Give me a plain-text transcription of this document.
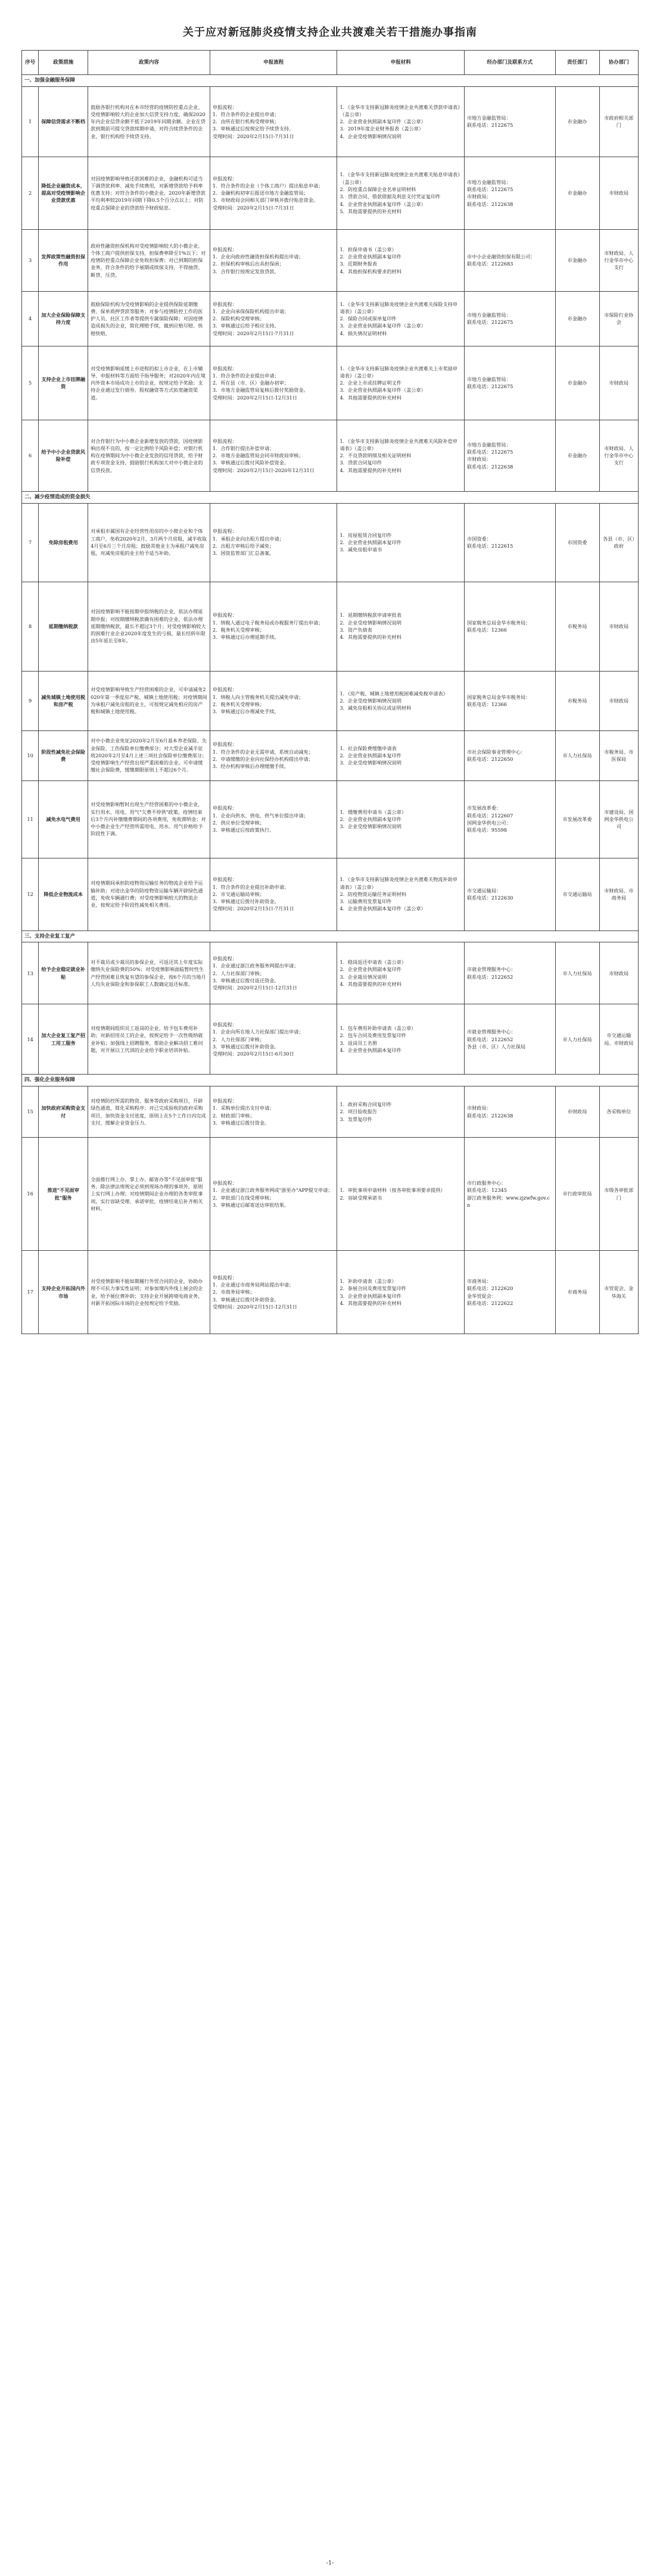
关于应对新冠肺炎疫情支持企业共渡难关若干措施办事指南
序号	政策措施	政策内容	申报流程	申报材料	经办部门及联系方式	责任部门	协办部门
一、加强金融服务保障							
1	保障信贷需求不断档	鼓励各银行机构对在本市经营的疫情防控重点企业、受疫情影响较大的企业加大信贷支持力度，确保2020年内企业信贷余额不低于2019年同期余额。企业在贷款到期前可提交贷款续期申请，对符合续贷条件的企业，银行机构给予续贷支持。	申报流程：
1．符合条件的企业提出申请；
2．由所在银行机构受理审核；
3．审核通过后按规定给予续贷支持。
受理时间：2020年2月15日-7月31日	1．《金华市支持新冠肺炎疫情企业共渡难关贷款申请表》（盖公章）
2．企业营业执照副本复印件（盖公章）
3．2019年度企业财务报表（盖公章）
4．企业受疫情影响情况说明	市地方金融监管局：
联系电话：2122675	市金融办	市政府相关部门
2	降低企业融资成本，提高对受疫情影响企业贷款优惠	对因疫情影响导致还款困难的企业，金融机构可适当下调贷款利率、减免手续费用，对新增贷款给予利率优惠支持；对符合条件的小微企业，2020年新增贷款平均利率较2019年同期下降0.5个百分点以上；对防疫重点保障企业的贷款给予财政贴息。	申报流程：
1．符合条件的企业（个体工商户）提出贴息申请；
2．金融机构初审后报送市地方金融监管局；
3．市财政局会同相关部门审核并拨付贴息资金。
受理时间：2020年2月15日-7月31日	1．《金华市支持新冠肺炎疫情企业共渡难关贴息申请表》（盖公章）
2．防疫重点保障企业名单证明材料
3．贷款合同、借款借据及利息支付凭证复印件
4．企业营业执照副本复印件（盖公章）
5．其他需要提供的补充材料	市地方金融监管局：
联系电话：2122675
市财政局：
联系电话：2122638	市金融办	市财政局
3	发挥政策性融资担保作用	政府性融资担保机构对受疫情影响较大的小微企业、个体工商户提供担保支持，担保费率降至1%以下；对疫情防控重点保障企业免收担保费；对已到期的担保业务，符合条件的给予展期或续保支持，不得抽贷、断贷、压贷。	申报流程：
1．企业向政府性融资担保机构提出申请；
2．担保机构审核后出具担保函；
3．合作银行按规定发放贷款。	1．担保申请书（盖公章）
2．企业营业执照副本复印件
3．近期财务报表
4．其他担保机构要求的材料	市中小企业融资担保有限公司：
联系电话：2122683	市金融办	市财政局、人行金华市中心支行
4	加大企业保险保障支持力度	鼓励保险机构为受疫情影响的企业提供保险延期缴费、保单质押贷款等服务；对参与疫情防控工作的医护人员、社区工作者等提供专属保险保障；对因疫情造成损失的企业，简化理赔手续，做到应赔尽赔、快赔快赔。	申报流程：
1．企业向承保保险机构提出申请；
2．保险机构受理审核；
3．审核通过后给予相应支持。
受理时间：2020年2月15日-7月31日	1．《金华市支持新冠肺炎疫情企业共渡难关保险支持申请表》（盖公章）
2．保险合同或保单复印件
3．企业营业执照副本复印件（盖公章）
4．损失情况证明材料	市地方金融监管局：
联系电话：2122675	市金融办	市保险行业协会
5	支持企业上市挂牌融资	对受疫情影响延缓上市进程的拟上市企业，在上市辅导、申报材料等方面给予指导服务；对2020年内在境内外资本市场成功上市的企业，按规定给予奖励；支持企业通过发行债券、股权融资等方式拓宽融资渠道。	申报流程：
1．符合条件的企业提出申请；
2．所在县（市、区）金融办初审；
3．市地方金融监管局复核后拨付奖励资金。
受理时间：2020年2月15日-12月31日	1．《金华市支持新冠肺炎疫情企业共渡难关上市奖励申请表》（盖公章）
2．企业上市或挂牌证明文件
3．企业营业执照副本复印件（盖公章）
4．其他需要提供的补充材料	市地方金融监管局：
联系电话：2122675	市金融办	市财政局
6	给予中小企业贷款风险补偿	对合作银行为中小微企业新增发放的贷款，因疫情影响出现不良的，按一定比例给予风险补偿；对银行机构在疫情期间为中小微企业发放的信用贷款，给予财政专项资金支持，鼓励银行机构加大对中小微企业的信贷投放。	申报流程：
1．合作银行提出补偿申请；
2．市地方金融监管局会同市财政局审核；
3．审核通过后拨付风险补偿资金。
受理时间：2020年2月15日-2020年12月31日	1．《金华市支持新冠肺炎疫情企业共渡难关风险补偿申请表》（盖公章）
2．不良贷款明细及相关证明材料
3．贷款合同复印件
4．其他需要提供的补充材料	市地方金融监管局：
联系电话：2122675
市财政局：
联系电话：2122638	市金融办	市财政局、人行金华市中心支行
二、减少疫情造成的资金损失							
7	免除房租费用	对承租市属国有企业经营性用房的中小微企业和个体工商户，免收2020年2月、3月两个月房租，减半收取4月至6月三个月房租；鼓励其他业主为承租户减免房租，对减免房租的业主给予适当补助。	申报流程：
1．承租企业向出租方提出申请；
2．出租方审核后给予减免；
3．国资监管部门汇总备案。	1．房屋租赁合同复印件
2．企业营业执照副本复印件
3．减免房租申请书	市国资委：
联系电话：2122615	市国资委	各县（市、区）政府
8	延期缴纳税款	对因疫情影响不能按期申报纳税的企业，依法办理延期申报；对按期缴纳税款确有困难的企业，依法办理延期缴纳税款，最长不超过3个月；对受疫情影响较大的困难行业企业2020年度发生的亏损，最长结转年限由5年延长至8年。	申报流程：
1．纳税人通过电子税务局或办税服务厅提出申请；
2．税务机关受理审核；
3．审核通过后办理延期手续。	1．延期缴纳税款申请审批表
2．企业受疫情影响情况说明
3．资产负债表
4．其他需要提供的补充材料	国家税务总局金华市税务局：
联系电话：12366	市税务局	市财政局
9	减免城镇土地使用税和房产税	对受疫情影响导致生产经营困难的企业，可申请减免2020年第一季度房产税、城镇土地使用税；对疫情期间为承租户减免房租的业主，可按规定减免相应的房产税和城镇土地使用税。	申报流程：
1．纳税人向主管税务机关提出减免申请；
2．税务机关受理审核；
3．审核通过后办理减免手续。	1．《房产税、城镇土地使用税困难减免税申请表》
2．企业受疫情影响情况说明
3．减免房租相关协议或证明材料	国家税务总局金华市税务局：
联系电话：12366	市税务局	市财政局
10	阶段性减免社会保险费	对中小微企业免征2020年2月至6月基本养老保险、失业保险、工伤保险单位缴费部分；对大型企业减半征收2020年2月至4月上述三项社会保险单位缴费部分；受疫情影响生产经营出现严重困难的企业，可申请缓缴社会保险费，缓缴期限原则上不超过6个月。	申报流程：
1．符合条件的企业无需申请，系统自动减免；
2．申请缓缴的企业向社保经办机构提出申请；
3．经办机构审核后办理缓缴手续。	1．社会保险费缓缴申请表
2．企业营业执照副本复印件
3．企业受疫情影响情况说明	市社会保险事业管理中心：
联系电话：2122650	市人力社保局	市税务局、市医保局
11	减免水电气费用	对受疫情影响暂时出现生产经营困难的中小微企业，实行用水、用电、用气"欠费不停供"政策，疫情结束后3个月内补缴缴费期间的各项费用，免收滞纳金；对中小微企业生产经营所需用电、用水、用气价格给予阶段性下调。	申报流程：
1．企业向供水、供电、供气单位提出申请；
2．供应单位受理审核；
3．审核通过后按政策执行。	1．缓缴费用申请书（盖公章）
2．企业营业执照副本复印件
3．企业受疫情影响情况说明	市发展改革委：
联系电话：2122607
国网金华供电公司：
联系电话：95598	市发展改革委	市建设局、国网金华供电公司
12	降低企业物流成本	对疫情期间承担防疫物资运输任务的物流企业给予运输补助；对进出金华的防疫物资运输车辆开辟绿色通道，免收车辆通行费；对受疫情影响较大的物流企业，按规定给予阶段性减免相关费用。	申报流程：
1．符合条件的企业提出补助申请；
2．市交通运输局审核；
3．审核通过后拨付补助资金。
受理时间：2020年2月15日-7月31日	1．《金华市支持新冠肺炎疫情企业共渡难关物流补助申请表》（盖公章）
2．防疫物资运输任务证明材料
3．运输费用发票复印件
4．企业营业执照副本复印件（盖公章）	市交通运输局：
联系电话：2122630	市交通运输局	市财政局、市商务局
三、支持企业复工复产							
13	给予企业稳定就业补贴	对不裁员或少裁员的参保企业，可返还其上年度实际缴纳失业保险费的50%；对受疫情影响面临暂时性生产经营困难且恢复有望的参保企业，按6个月的当地月人均失业保险金和参保职工人数确定返还标准。	申报流程：
1．企业通过浙江政务服务网提出申请；
2．人力社保部门审核；
3．审核通过后拨付返还资金。
受理时间：2020年2月15日-12月31日	1．稳岗返还申请表（盖公章）
2．企业营业执照副本复印件
3．企业裁员情况说明
4．其他需要提供的补充材料	市就业管理服务中心：
联系电话：2122652	市人力社保局	市财政局
14	加大企业复工复产招工用工服务	对疫情期间组织员工返岗的企业，给予包车费用补助；对新招用员工的企业，按规定给予一次性吸纳就业补贴；加强线上招聘服务，帮助企业解决招工难问题，对开展以工代训的企业给予职业培训补贴。	申报流程：
1．企业向所在地人力社保部门提出申请；
2．人力社保部门审核；
3．审核通过后拨付补助资金。
受理时间：2020年2月15日-6月30日	1．包车费用补助申请表（盖公章）
2．包车合同及费用发票复印件
3．返岗员工名册
4．企业营业执照副本复印件	市就业管理服务中心：
联系电话：2122652
各县（市、区）人力社保局	市人力社保局	市交通运输局、市财政局
四、强化企业服务保障							
15	加快政府采购资金支付	对疫情防控所需的物资、服务等政府采购项目，开辟绿色通道，简化采购程序；对已完成验收的政府采购项目，加快资金支付进度，原则上在5个工作日内完成支付，缓解企业资金压力。	申报流程：
1．采购单位提出支付申请；
2．财政部门审核；
3．审核通过后拨付资金。	1．政府采购合同复印件
2．项目验收报告
3．发票复印件	市财政局：
联系电话：2122638	市财政局	各采购单位
16	推进"不见面审批"服务	全面推行网上办、掌上办、邮寄办等"不见面审批"服务，除法律法规规定必须到现场办理的事项外，原则上实行网上办理；对疫情期间企业办理的各类审批事项，实行容缺受理、承诺审批，疫情结束后补齐相关材料。	申报流程：
1．企业通过浙江政务服务网或"浙里办"APP提交申请；
2．审批部门在线受理审核；
3．审核通过后邮寄送达审批结果。	1．审批事项申请材料（按各审批事项要求提供）
2．容缺受理承诺书	市行政服务中心：
联系电话：12345
浙江政务服务网：www.zjzwfw.gov.cn	市行政审批局	市级各审批部门
17	支持企业开拓国内外市场	对受疫情影响不能如期履行外贸合同的企业，协助办理不可抗力事实性证明；对参加境内外线上展会的企业，给予展位费补助；支持企业开展跨境电商业务，对新开拓国际市场的企业按规定给予奖励。	申报流程：
1．企业通过市商务局网站提出申请；
2．市商务局审核；
3．审核通过后拨付补助资金。
受理时间：2020年2月15日-12月31日	1．补助申请表（盖公章）
2．参展合同及费用发票复印件
3．企业营业执照副本复印件
4．其他需要提供的补充材料	市商务局：
联系电话：2122620
金华贸促会：
联系电话：2122622	市商务局	市贸促会、金华海关
-1-
